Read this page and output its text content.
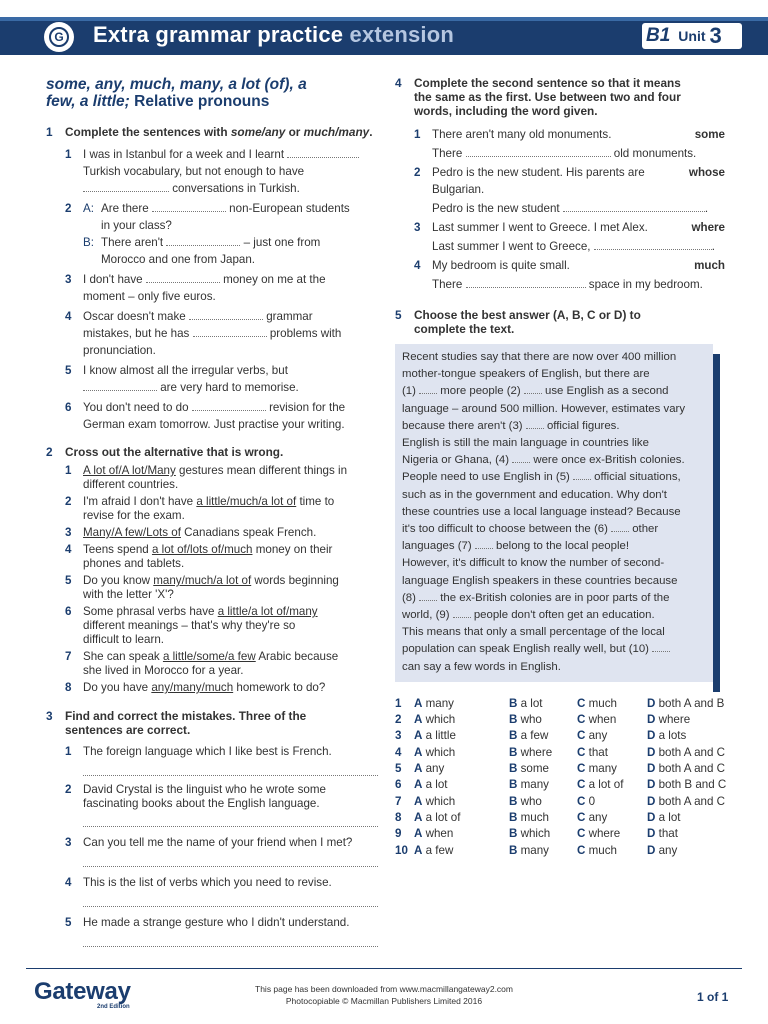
G Extra grammar practice extension	B1 Unit 3
some, any, much, many, a lot (of), a
few, a little; Relative pronouns
1	Complete the sentences with some/any or much/many.
1 I was in Istanbul for a week and I learnt
Turkish vocabulary, but not enough to have
conversations in Turkish.
2 A: Are there	non-European students
in your class?
B: There aren't	– just one from
Morocco and one from Japan.
3 I don't have	money on me at the
moment – only five euros.
4 Oscar doesn't make	grammar
mistakes, but he has	problems with
pronunciation.
5 I know almost all the irregular verbs, but
are very hard to memorise.
6 You don't need to do	revision for the
German exam tomorrow. Just practise your writing.
2	Cross out the alternative that is wrong.
1 A lot of/A lot/Many gestures mean different things in
different countries.
2 I'm afraid I don't have a little/much/a lot of time to
revise for the exam.
3 Many/A few/Lots of Canadians speak French.
4 Teens spend a lot of/lots of/much money on their
phones and tablets.
5 Do you know many/much/a lot of words beginning
with the letter 'X'?
6 Some phrasal verbs have a little/a lot of/many
different meanings – that's why they're so
difficult to learn.
7 She can speak a little/some/a few Arabic because
she lived in Morocco for a year.
8 Do you have any/many/much homework to do?
3	Find and correct the mistakes. Three of the
sentences are correct.
1 The foreign language which I like best is French.
2 David Crystal is the linguist who he wrote some
fascinating books about the English language.
3 Can you tell me the name of your friend when I met?
4 This is the list of verbs which you need to revise.
5 He made a strange gesture who I didn't understand.
4	Complete the second sentence so that it means
the same as the first. Use between two and four
words, including the word given.
1 There aren't many old monuments.	some
There	old monuments.
2 Pedro is the new student. His parents are	whose
Bulgarian.
Pedro is the new student	.
3 Last summer I went to Greece. I met Alex.	where
Last summer I went to Greece,	.
4 My bedroom is quite small.	much
There	space in my bedroom.
5	Choose the best answer (A, B, C or D) to
complete the text.
Recent studies say that there are now over 400 million
mother-tongue speakers of English, but there are
(1) more people (2) use English as a second
language – around 500 million. However, estimates vary
because there aren't (3) official figures.
English is still the main language in countries like
Nigeria or Ghana, (4) were once ex-British colonies.
People need to use English in (5) official situations,
such as in the government and education. Why don't
these countries use a local language instead? Because
it's too difficult to choose between the (6) other
languages (7) belong to the local people!
However, it's difficult to know the number of second-
language English speakers in these countries because
(8) the ex-British colonies are in poor parts of the
world, (9) people don't often get an education.
This means that only a small percentage of the local
population can speak English really well, but (10)
can say a few words in English.
1	A many	B a lot	C much	D both A and B
2	A which	B who	C when	D where
3	A a little	B a few	C any	D a lots
4	A which	B where	C that	D both A and C
5	A any	B some	C many	D both A and C
6	A a lot	B many	C a lot of	D both B and C
7	A which	B who	C 0	D both A and C
8	A a lot of	B much	C any	D a lot
9	A when	B which	C where	D that
10 A a few	B many	C much	D any
Gateway
2nd Edition
This page has been downloaded from www.macmillangateway2.com
Photocopiable © Macmillan Publishers Limited 2016	1 of 1
